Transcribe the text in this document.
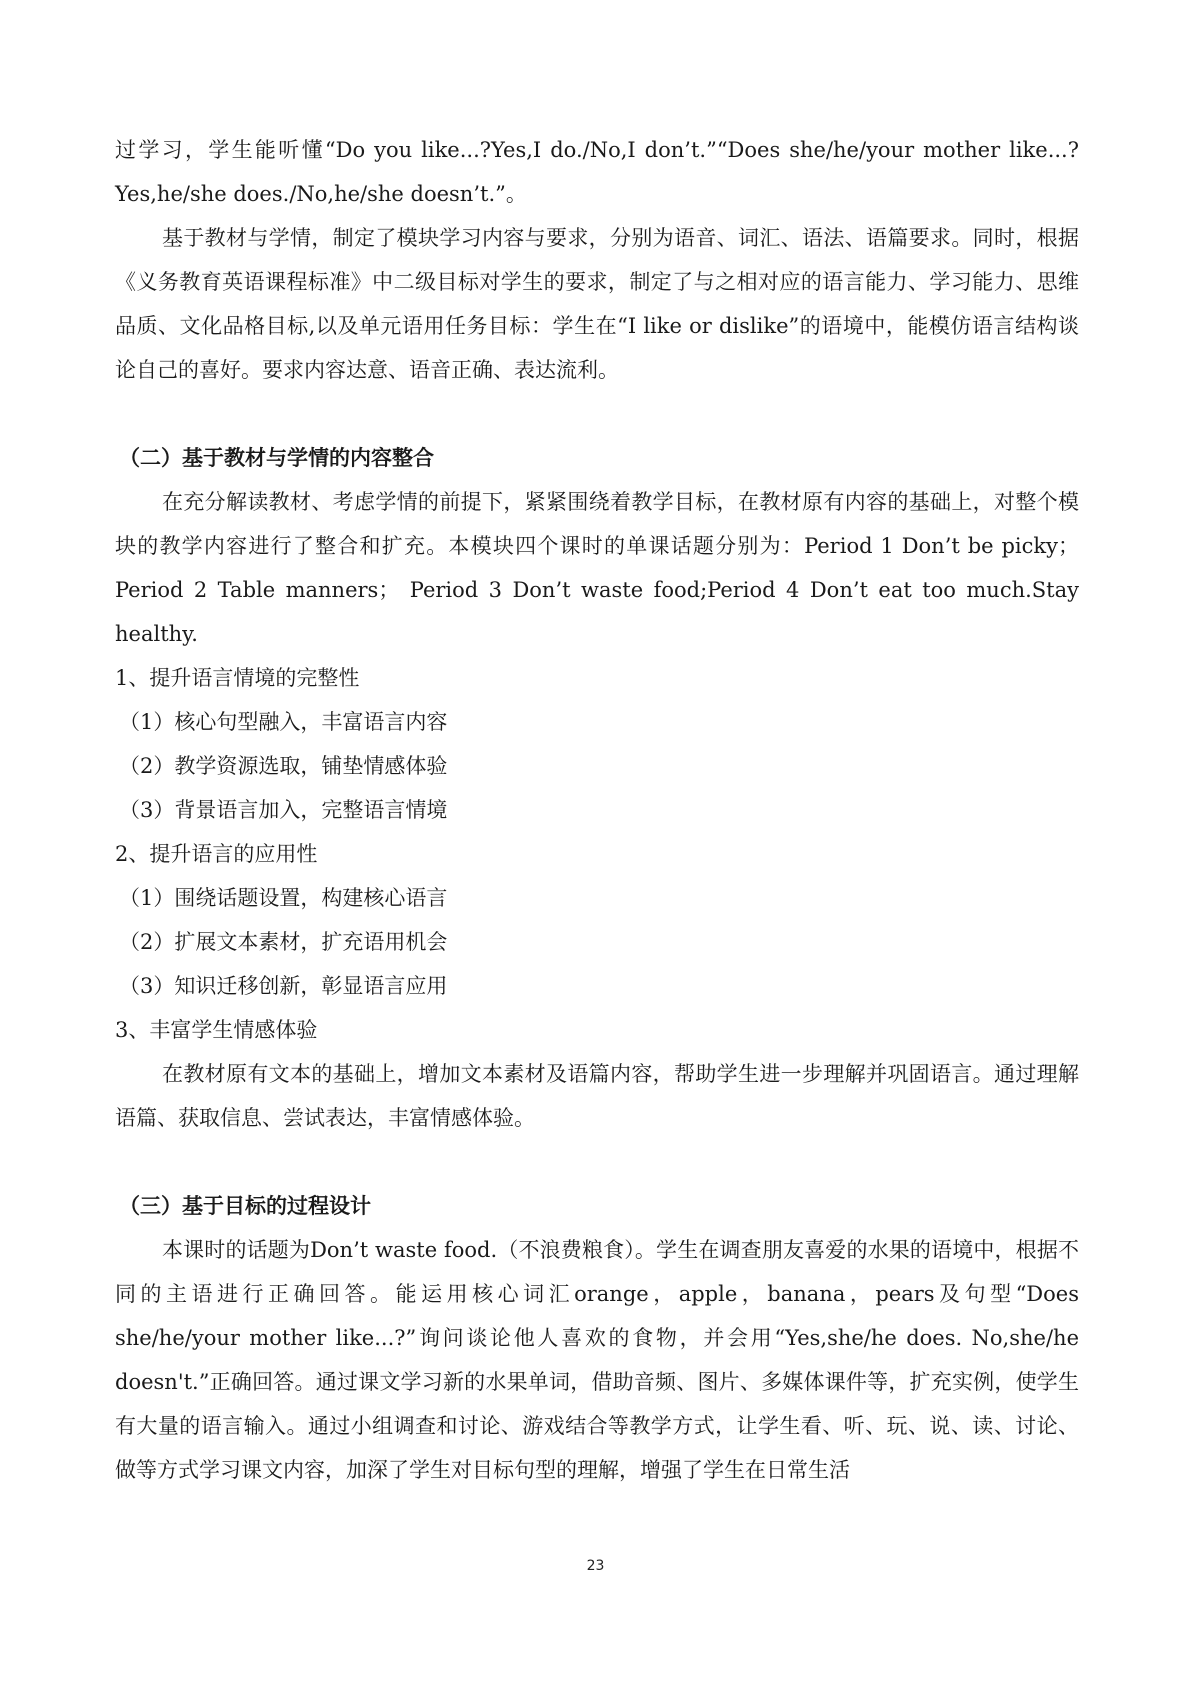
过学习，学生能听懂“Do you like...?Yes,I do./No,I don’t.”“Does she/he/your mother like...? Yes,he/she does./No,he/she doesn’t.”。

基于教材与学情，制定了模块学习内容与要求，分别为语音、词汇、语法、语篇要求。同时，根据《义务教育英语课程标准》中二级目标对学生的要求，制定了与之相对应的语言能力、学习能力、思维品质、文化品格目标,以及单元语用任务目标：学生在“I like or dislike”的语境中，能模仿语言结构谈论自己的喜好。要求内容达意、语音正确、表达流利。

（二）基于教材与学情的内容整合

在充分解读教材、考虑学情的前提下，紧紧围绕着教学目标，在教材原有内容的基础上，对整个模块的教学内容进行了整合和扩充。本模块四个课时的单课话题分别为：Period 1 Don’t be picky； Period 2 Table manners； Period 3 Don’t waste food;Period 4 Don’t eat too much.Stay healthy.

1、提升语言情境的完整性

（1）核心句型融入，丰富语言内容

（2）教学资源选取，铺垫情感体验

（3）背景语言加入，完整语言情境

2、提升语言的应用性

（1）围绕话题设置，构建核心语言

（2）扩展文本素材，扩充语用机会

（3）知识迁移创新，彰显语言应用

3、丰富学生情感体验

在教材原有文本的基础上，增加文本素材及语篇内容，帮助学生进一步理解并巩固语言。通过理解语篇、获取信息、尝试表达，丰富情感体验。

（三）基于目标的过程设计

本课时的话题为Don’t waste food.（不浪费粮食）。学生在调查朋友喜爱的水果的语境中，根据不同的主语进行正确回答。能运用核心词汇orange，apple，banana，pears及句型“Does she/he/your mother like...?”询问谈论他人喜欢的食物，并会用“Yes,she/he does. No,she/he doesn't.”正确回答。通过课文学习新的水果单词，借助音频、图片、多媒体课件等，扩充实例，使学生有大量的语言输入。通过小组调查和讨论、游戏结合等教学方式，让学生看、听、玩、说、读、讨论、做等方式学习课文内容，加深了学生对目标句型的理解，增强了学生在日常生活

23
